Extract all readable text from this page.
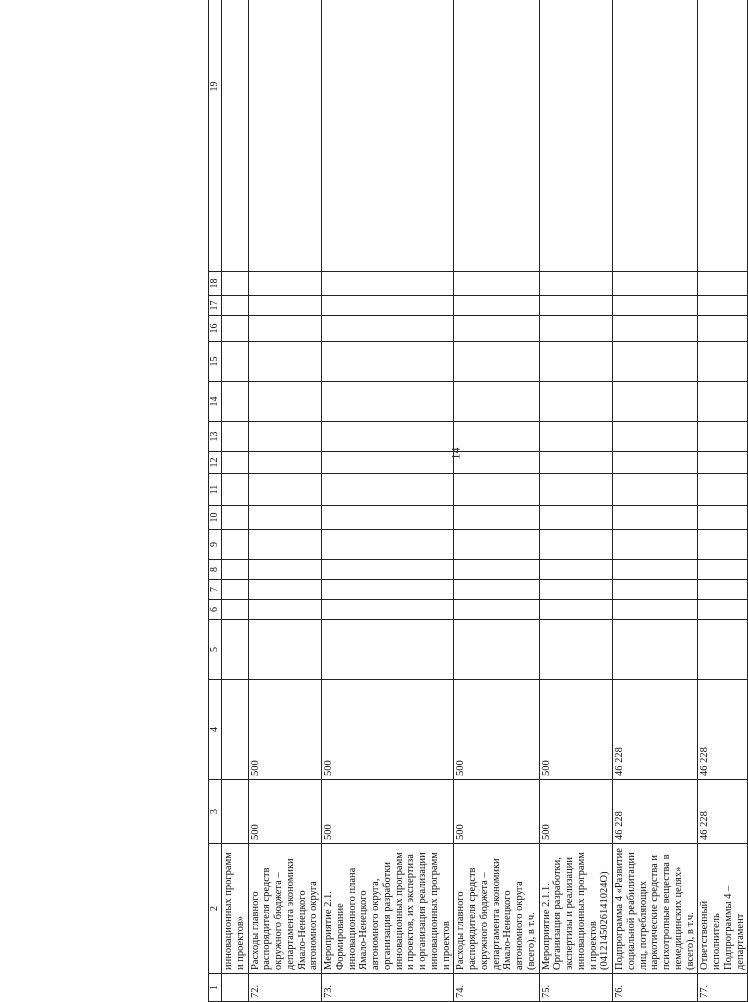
14
1	2	3	4	5	6	7	8	9	10	11	12	13	14	15	16	17	18	19
	инновационных программ и проектов»																	
72.	Расходы главного распорядителя средств окружного бюджета – департамента экономики Ямало-Ненецкого автономного округа	500	500															
73.	Мероприятие 2.1. Формирование инновационного плана Ямало-Ненецкого автономного округа, организация разработки инновационных программ и проектов, их экспертиза и организация реализации инновационных программ и проектов	500	500															
74.	Расходы главного распорядителя средств окружного бюджета – департамента экономики Ямало-Ненецкого автономного округа (всего), в т.ч.	500	500															
75.	Мероприятие 2.1.1. Организация разработки, экспертизы и реализации инновационных программ и проектов (0412145026141024О)	500	500															
76.	Подпрограмма 4 «Развитие социальной реабилитации лиц, потребляющих наркотические средства и психотропные вещества в немедицинских целях» (всего), в т.ч.	46 228	46 228															
77.	Ответственный исполнитель Подпрограммы 4 – департамент	46 228	46 228															
